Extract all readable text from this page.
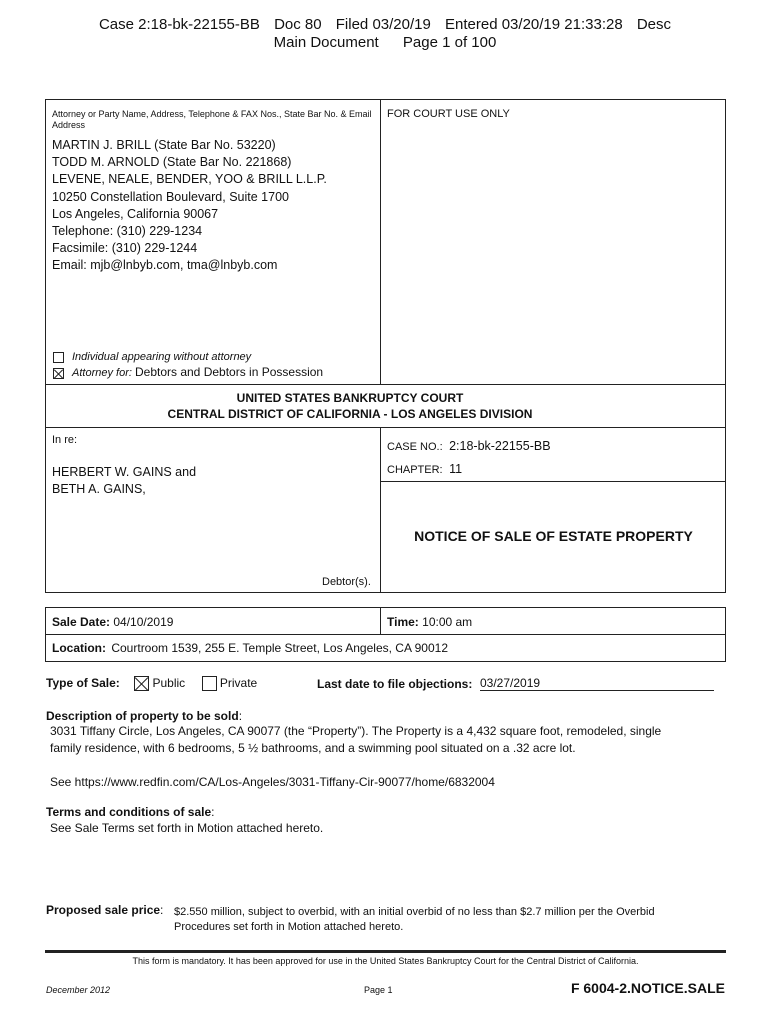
Case 2:18-bk-22155-BB Doc 80 Filed 03/20/19 Entered 03/20/19 21:33:28 Desc
Main Document Page 1 of 100
Attorney or Party Name, Address, Telephone & FAX Nos., State Bar No. & Email Address
MARTIN J. BRILL (State Bar No. 53220)
TODD M. ARNOLD (State Bar No. 221868)
LEVENE, NEALE, BENDER, YOO & BRILL L.L.P.
10250 Constellation Boulevard, Suite 1700
Los Angeles, California 90067
Telephone: (310) 229-1234
Facsimile: (310) 229-1244
Email: mjb@lnbyb.com, tma@lnbyb.com
Individual appearing without attorney
Attorney for: Debtors and Debtors in Possession
FOR COURT USE ONLY
UNITED STATES BANKRUPTCY COURT
CENTRAL DISTRICT OF CALIFORNIA - LOS ANGELES DIVISION
In re:
HERBERT W. GAINS and
BETH A. GAINS,
Debtor(s).
CASE NO.: 2:18-bk-22155-BB
CHAPTER: 11
NOTICE OF SALE OF ESTATE PROPERTY
Sale Date: 04/10/2019	Time: 10:00 am
Location: Courtroom 1539, 255 E. Temple Street, Los Angeles, CA 90012
Type of Sale:	Public	Private	Last date to file objections: 03/27/2019
Description of property to be sold:
3031 Tiffany Circle, Los Angeles, CA 90077 (the “Property”). The Property is a 4,432 square foot, remodeled, single
family residence, with 6 bedrooms, 5 ½ bathrooms, and a swimming pool situated on a .32 acre lot.
See https://www.redfin.com/CA/Los-Angeles/3031-Tiffany-Cir-90077/home/6832004
Terms and conditions of sale:
See Sale Terms set forth in Motion attached hereto.
Proposed sale price: $2.550 million, subject to overbid, with an initial overbid of no less than $2.7 million per the Overbid
Procedures set forth in Motion attached hereto.
This form is mandatory. It has been approved for use in the United States Bankruptcy Court for the Central District of California.
December 2012	Page 1	F 6004-2.NOTICE.SALE
